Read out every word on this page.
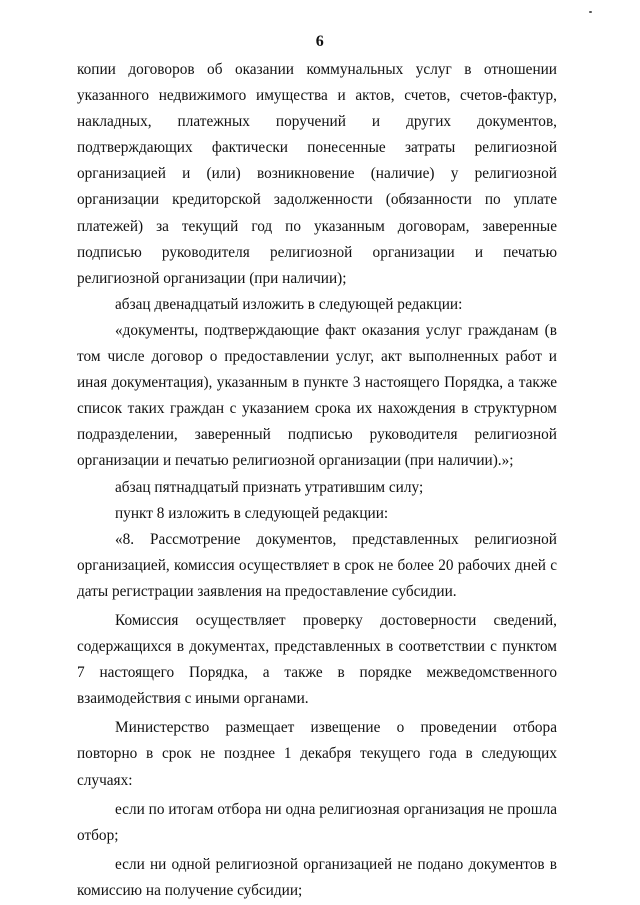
6

копии договоров об оказании коммунальных услуг в отношении указанного недвижимого имущества и актов, счетов, счетов-фактур, накладных, платежных поручений и других документов, подтверждающих фактически понесенные затраты религиозной организацией и (или) возникновение (наличие) у религиозной организации кредиторской задолженности (обязанности по уплате платежей) за текущий год по указанным договорам, заверенные подписью руководителя религиозной организации и печатью религиозной организации (при наличии);

абзац двенадцатый изложить в следующей редакции:

«документы, подтверждающие факт оказания услуг гражданам (в том числе договор о предоставлении услуг, акт выполненных работ и иная документация), указанным в пункте 3 настоящего Порядка, а также список таких граждан с указанием срока их нахождения в структурном подразделении, заверенный подписью руководителя религиозной организации и печатью религиозной организации (при наличии).»;

абзац пятнадцатый признать утратившим силу;

пункт 8 изложить в следующей редакции:

«8. Рассмотрение документов, представленных религиозной организацией, комиссия осуществляет в срок не более 20 рабочих дней с даты регистрации заявления на предоставление субсидии.

Комиссия осуществляет проверку достоверности сведений, содержащихся в документах, представленных в соответствии с пунктом 7 настоящего Порядка, а также в порядке межведомственного взаимодействия с иными органами.

Министерство размещает извещение о проведении отбора повторно в срок не позднее 1 декабря текущего года в следующих случаях:

если по итогам отбора ни одна религиозная организация не прошла отбор;

если ни одной религиозной организацией не подано документов в комиссию на получение субсидии;
